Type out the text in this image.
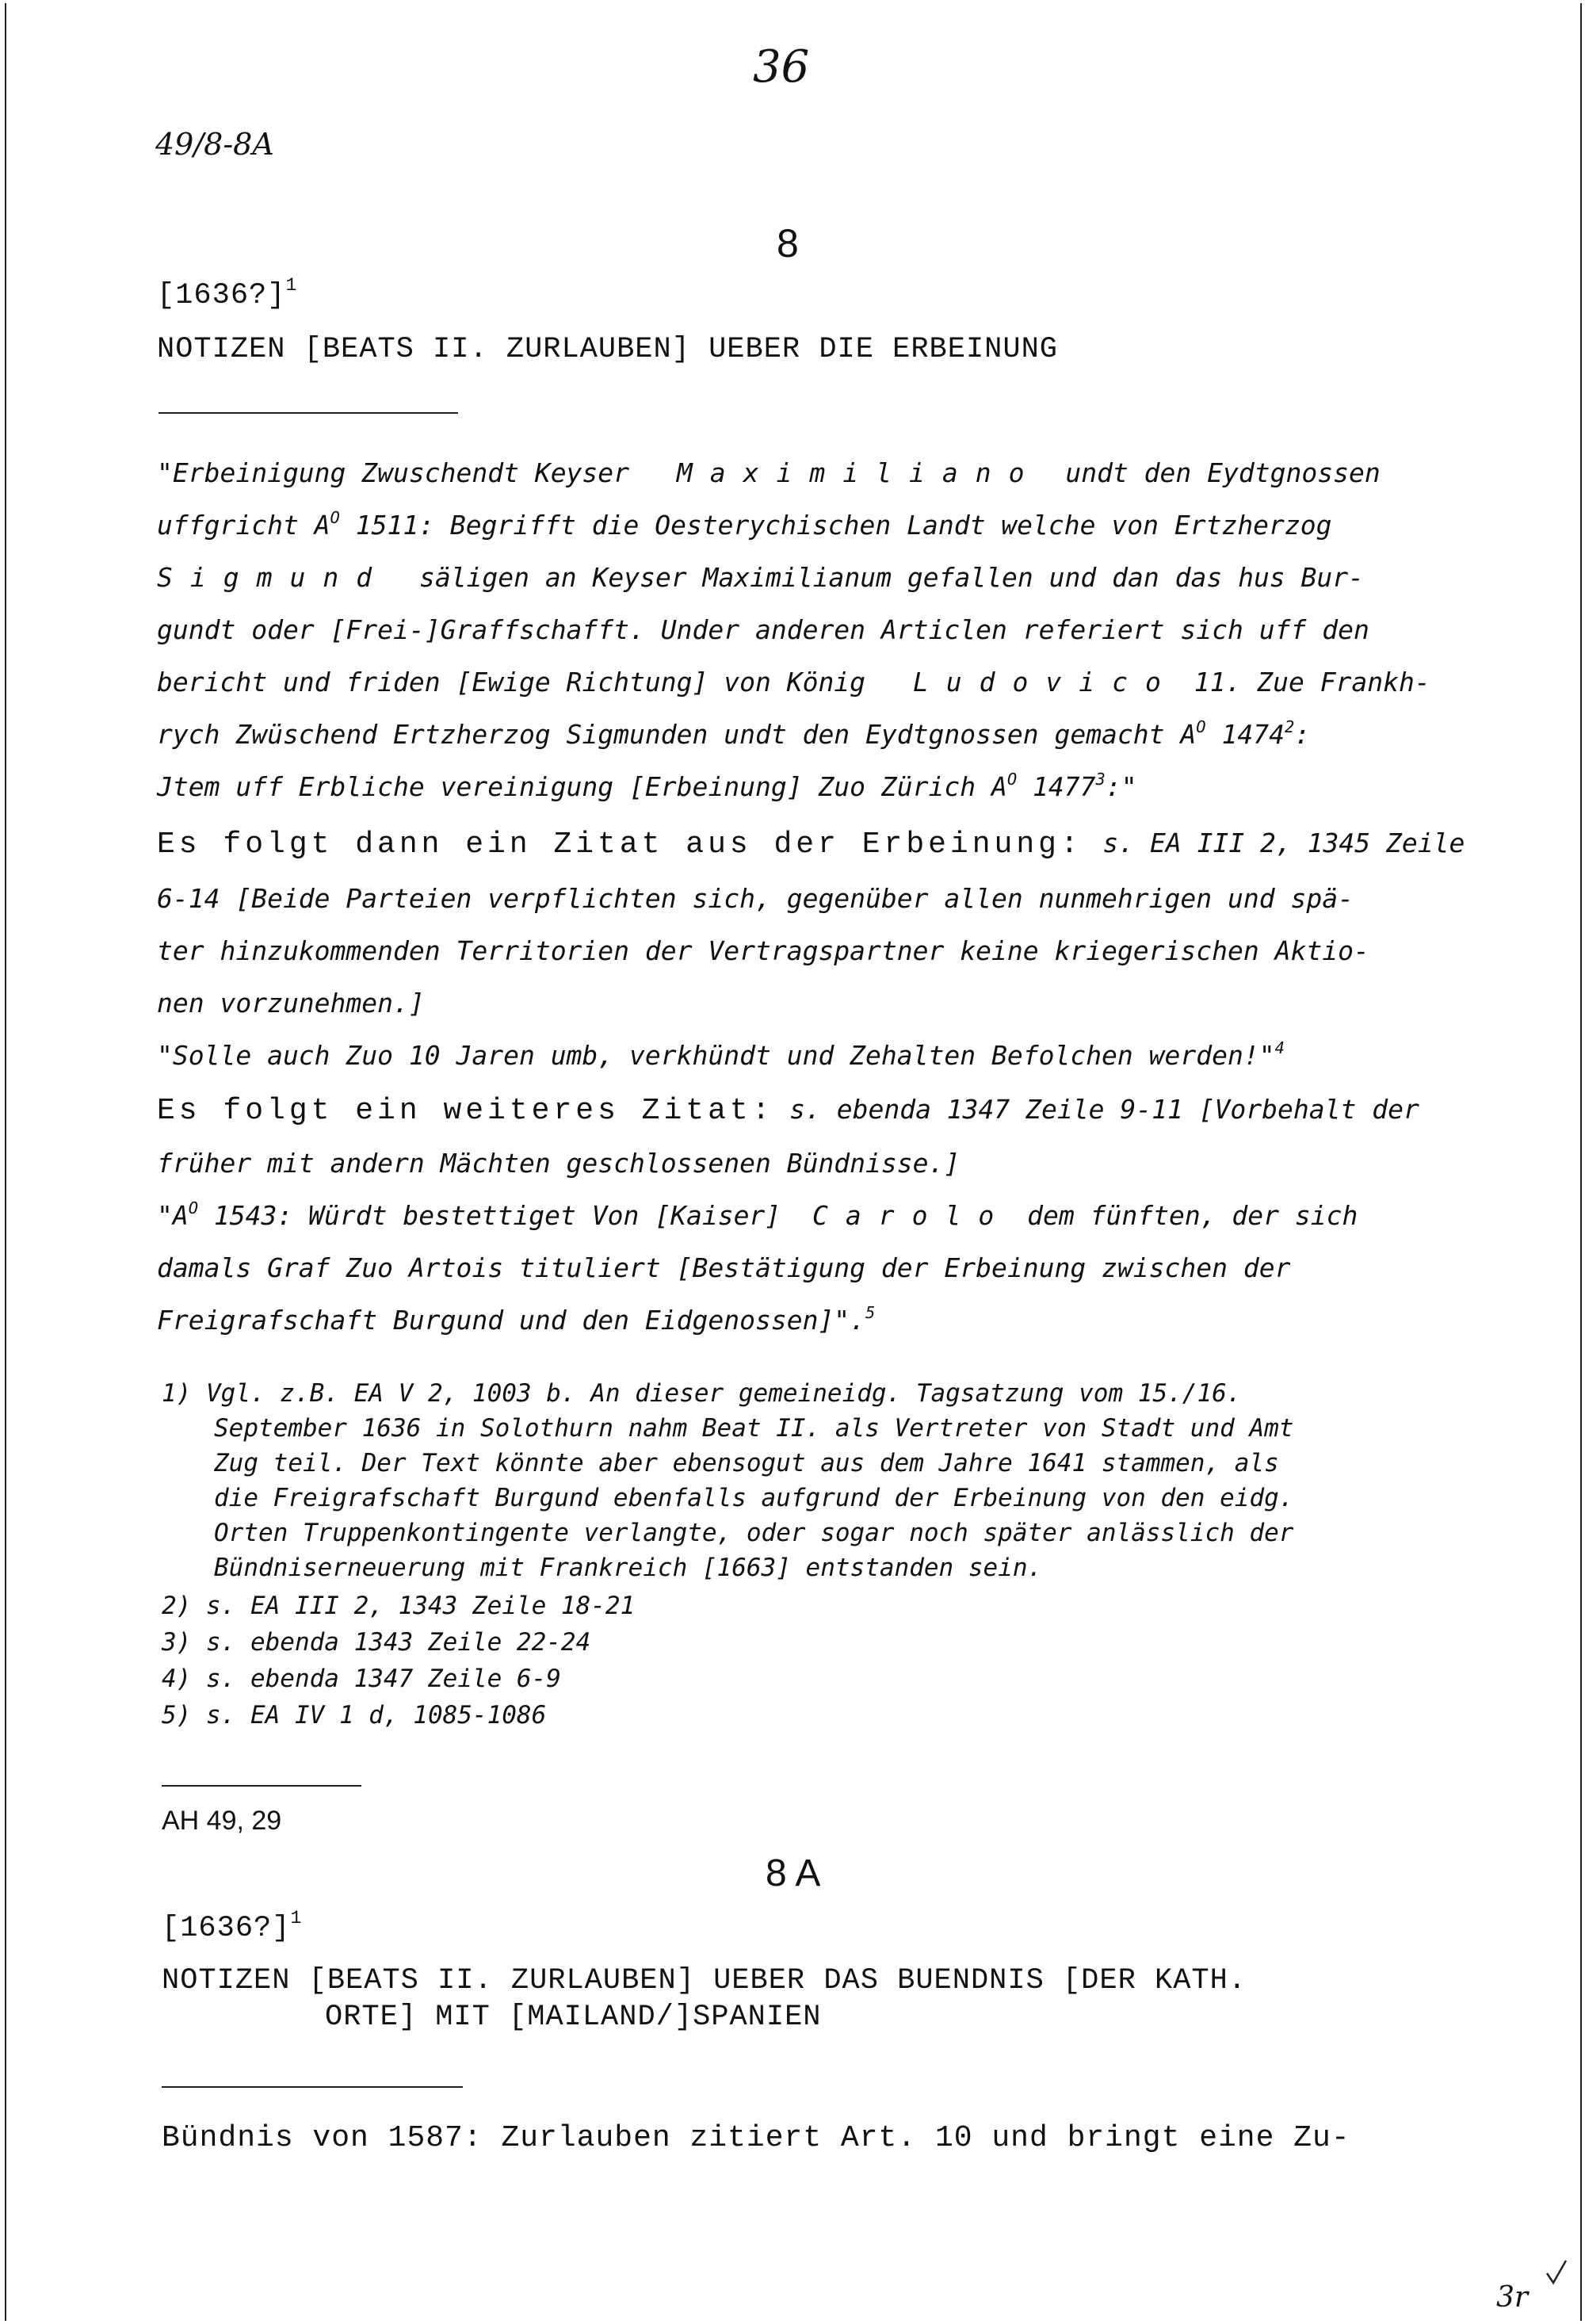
36
49/8-8A
8
[1636?]$^1$
NOTIZEN [BEATS II. ZURLAUBEN] UEBER DIE ERBEINUNG
"Erbeinigung Zwuschendt Keyser Maximiliano undt den Eydtgnossen
uffgricht $A^O$ 1511: Begrifft die Oesterychischen Landt welche von Ertzherzog
Sigmund säligen an Keyser Maximilianum gefallen und dan das hus Bur-
gundt oder [Frei-]Graffschafft. Under anderen Articlen referiert sich uff den
bericht und friden [Ewige Richtung] von König Ludovico 11. Zue Frankh-
rych Zwüschend Ertzherzog Sigmunden undt den Eydtgnossen gemacht $A^O$ 1474$^2$:
Jtem uff Erbliche vereinigung [Erbeinung] Zuo Zürich $A^O$ 1477$^3$:"
Es folgt dann ein Zitat aus der Erbeinung: s. EA III 2, 1345 Zeile
6-14 [Beide Parteien verpflichten sich, gegenüber allen nunmehrigen und spä-
ter hinzukommenden Territorien der Vertragspartner keine kriegerischen Aktio-
nen vorzunehmen.]
"Solle auch Zuo 10 Jaren umb, verkhündt und Zehalten Befolchen werden!"$^4$
Es folgt ein weiteres Zitat: s. ebenda 1347 Zeile 9-11 [Vorbehalt der
früher mit andern Mächten geschlossenen Bündnisse.]
"$A^O$ 1543: Würdt bestettiget Von [Kaiser] Carolo dem fünften, der sich
damals Graf Zuo Artois tituliert [Bestätigung der Erbeinung zwischen der
Freigrafschaft Burgund und den Eidgenossen]".$^5$
1) Vgl. z.B. EA V 2, 1003 b. An dieser gemeineidg. Tagsatzung vom 15./16.
September 1636 in Solothurn nahm Beat II. als Vertreter von Stadt und Amt
Zug teil. Der Text könnte aber ebensogut aus dem Jahre 1641 stammen, als
die Freigrafschaft Burgund ebenfalls aufgrund der Erbeinung von den eidg.
Orten Truppenkontingente verlangte, oder sogar noch später anlässlich der
Bündniserneuerung mit Frankreich [1663] entstanden sein.
2) s. EA III 2, 1343 Zeile 18-21
3) s. ebenda 1343 Zeile 22-24
4) s. ebenda 1347 Zeile 6-9
5) s. EA IV 1 d, 1085-1086
AH 49, 29
8 A
[1636?]$^1$
NOTIZEN [BEATS II. ZURLAUBEN] UEBER DAS BUENDNIS [DER KATH.
ORTE] MIT [MAILAND/]SPANIEN
Bündnis von 1587: Zurlauben zitiert Art. 10 und bringt eine Zu-
3r
